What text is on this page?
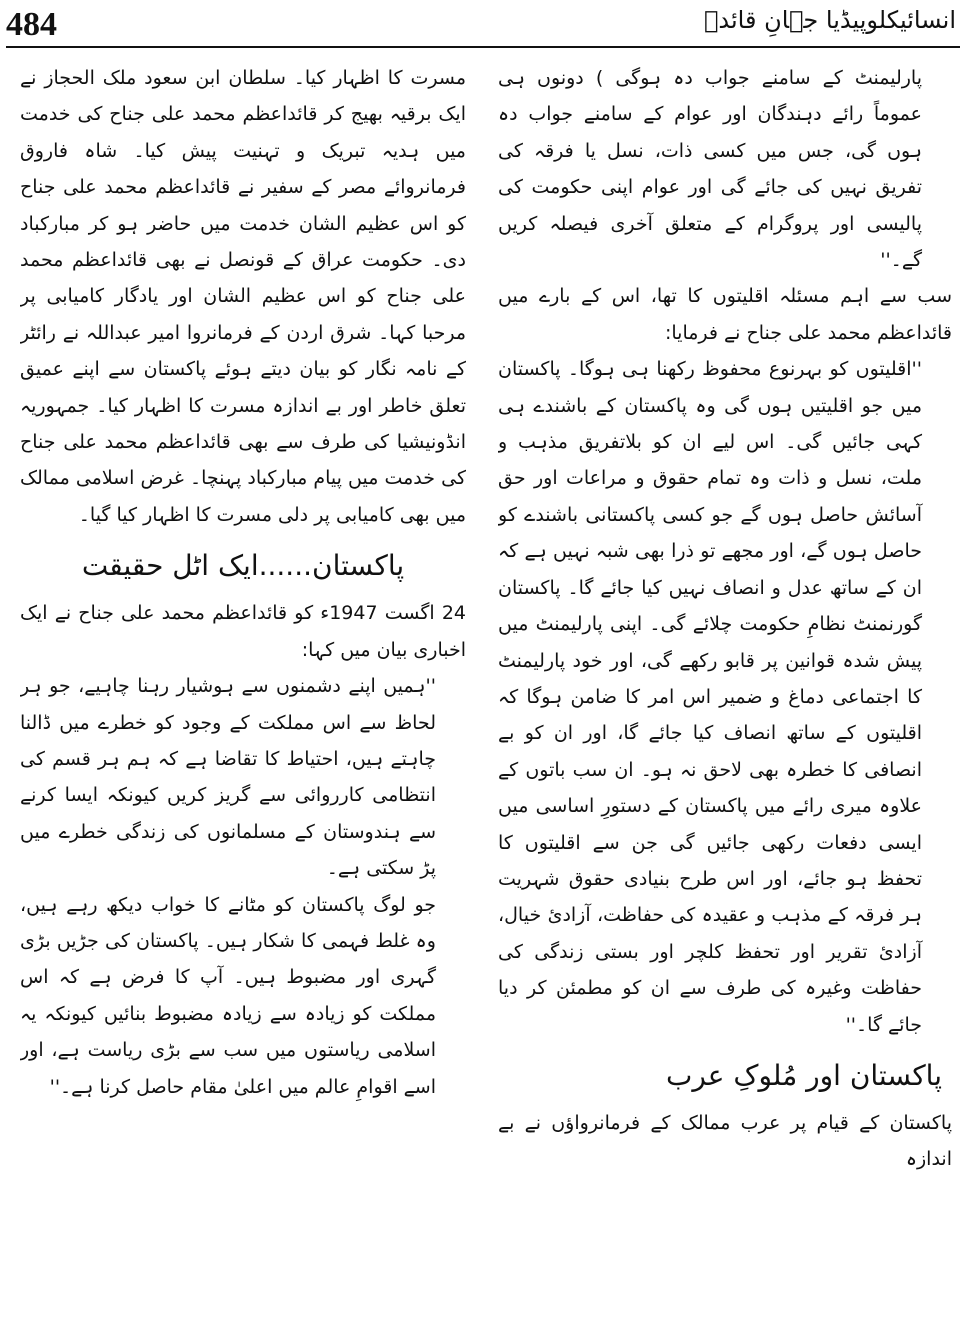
484	انسائیکلوپیڈیا جہانِ قائدؒ

پارلیمنٹ کے سامنے جواب دہ ہوگی ) دونوں ہی عموماً رائے دہندگان اور عوام کے سامنے جواب دہ ہوں گی، جس میں کسی ذات، نسل یا فرقہ کی تفریق نہیں کی جائے گی اور عوام اپنی حکومت کی پالیسی اور پروگرام کے متعلق آخری فیصلہ کریں گے۔''

سب سے اہم مسئلہ اقلیتوں کا تھا، اس کے بارے میں قائداعظم محمد علی جناح نے فرمایا:

''اقلیتوں کو بہرنوع محفوظ رکھنا ہی ہوگا۔ پاکستان میں جو اقلیتیں ہوں گی وہ پاکستان کے باشندے ہی کہی جائیں گی۔ اس لیے ان کو بلاتفریق مذہب و ملت، نسل و ذات وہ تمام حقوق و مراعات اور حق آسائش حاصل ہوں گے جو کسی پاکستانی باشندے کو حاصل ہوں گے، اور مجھے تو ذرا بھی شبہ نہیں ہے کہ ان کے ساتھ عدل و انصاف نہیں کیا جائے گا۔ پاکستان گورنمنٹ نظامِ حکومت چلائے گی۔ اپنی پارلیمنٹ میں پیش شدہ قوانین پر قابو رکھے گی، اور خود پارلیمنٹ کا اجتماعی دماغ و ضمیر اس امر کا ضامن ہوگا کہ اقلیتوں کے ساتھ انصاف کیا جائے گا، اور ان کو بے انصافی کا خطرہ بھی لاحق نہ ہو۔ ان سب باتوں کے علاوہ میری رائے میں پاکستان کے دستورِ اساسی میں ایسی دفعات رکھی جائیں گی جن سے اقلیتوں کا تحفظ ہو جائے، اور اس طرح بنیادی حقوق شہریت ہر فرقہ کے مذہب و عقیدہ کی حفاظت، آزادیٔ خیال، آزادیٔ تقریر اور تحفظ کلچر اور بستی زندگی کی حفاظت وغیرہ کی طرف سے ان کو مطمئن کر دیا جائے گا۔''

پاکستان اور مُلوکِ عرب

پاکستان کے قیام پر عرب ممالک کے فرمانرواؤں نے بے اندازہ

مسرت کا اظہار کیا۔ سلطان ابن سعود ملک الحجاز نے ایک برقیہ بھیج کر قائداعظم محمد علی جناح کی خدمت میں ہدیہ تبریک و تہنیت پیش کیا۔ شاہ فاروق فرمانروائے مصر کے سفیر نے قائداعظم محمد علی جناح کو اس عظیم الشان خدمت میں حاضر ہو کر مبارکباد دی۔ حکومت عراق کے قونصل نے بھی قائداعظم محمد علی جناح کو اس عظیم الشان اور یادگار کامیابی پر مرحبا کہا۔ شرق اردن کے فرمانروا امیر عبداللہ نے رائٹر کے نامہ نگار کو بیان دیتے ہوئے پاکستان سے اپنے عمیق تعلق خاطر اور بے اندازہ مسرت کا اظہار کیا۔ جمہوریہ انڈونیشیا کی طرف سے بھی قائداعظم محمد علی جناح کی خدمت میں پیام مبارکباد پہنچا۔ غرض اسلامی ممالک میں بھی کامیابی پر دلی مسرت کا اظہار کیا گیا۔

پاکستان......ایک اٹل حقیقت

24 اگست 1947ء کو قائداعظم محمد علی جناح نے ایک اخباری بیان میں کہا:

''ہمیں اپنے دشمنوں سے ہوشیار رہنا چاہیے، جو ہر لحاظ سے اس مملکت کے وجود کو خطرے میں ڈالنا چاہتے ہیں، احتیاط کا تقاضا ہے کہ ہم ہر قسم کی انتظامی کارروائی سے گریز کریں کیونکہ ایسا کرنے سے ہندوستان کے مسلمانوں کی زندگی خطرے میں پڑ سکتی ہے۔

جو لوگ پاکستان کو مٹانے کا خواب دیکھ رہے ہیں، وہ غلط فہمی کا شکار ہیں۔ پاکستان کی جڑیں بڑی گہری اور مضبوط ہیں۔ آپ کا فرض ہے کہ اس مملکت کو زیادہ سے زیادہ مضبوط بنائیں کیونکہ یہ اسلامی ریاستوں میں سب سے بڑی ریاست ہے، اور اسے اقوامِ عالم میں اعلیٰ مقام حاصل کرنا ہے۔''
